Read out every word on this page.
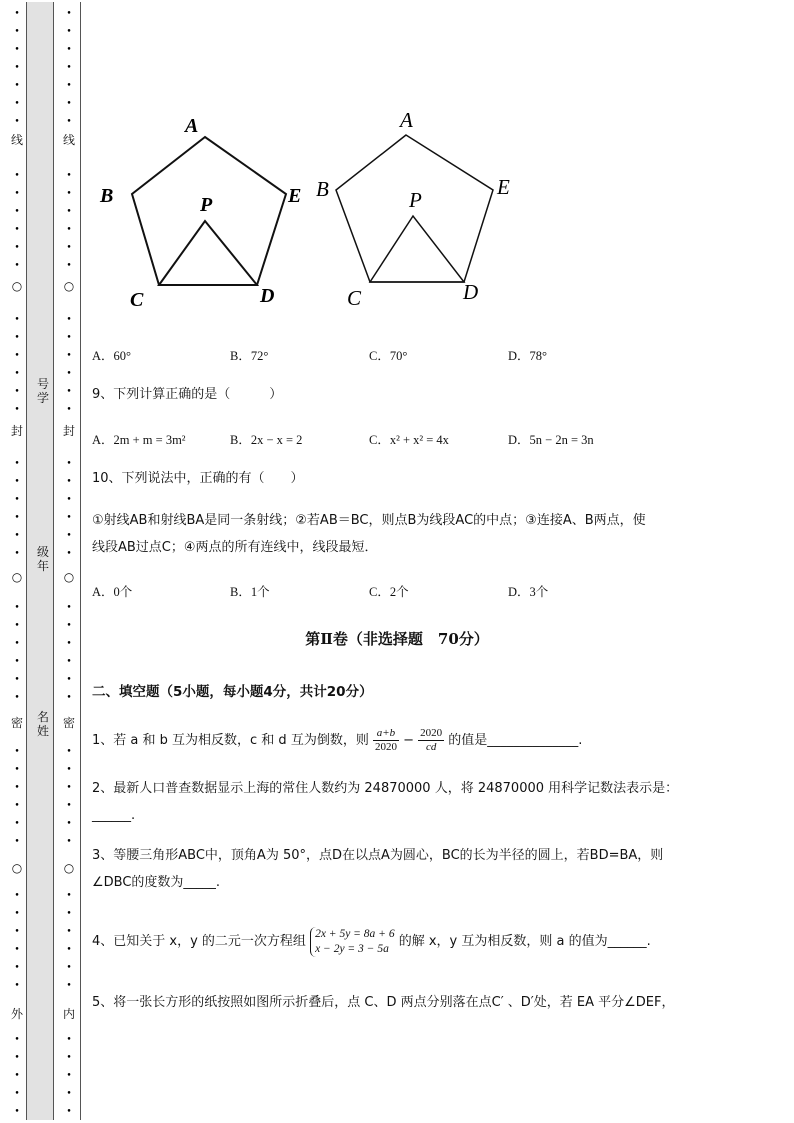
•
•
•
•
•
•
•
•
•
•
•
•
•
•
•
•
•
•
•
•
•
•
•
•
•
•
•
•
•
•
•
•
•
•
•
•
•
•
•
•
•
•
•
•
•
•
•
•
•
•
•
•
•
•
•
•
•
•
•
•
•
•
•
•
•
•
•
•
•
•
•
•
•
•
•
•
•
•
•
•
•
•
•
•
•
•
•
•
•
•
•
•
•
•
•
•
线
封
密
外
○
○
○
线
封
密
内
○
○
○
号学
级年
名姓
A
B	E
P
C	D
A
B	E
P
C	D
A．60°	B．72°	C．70°	D．78°
9、下列计算正确的是（　　　）
A．2m + m = 3m²	B．2x − x = 2	C．x² + x² = 4x	D．5n − 2n = 3n
10、下列说法中，正确的有（　　）
①射线AB和射线BA是同一条射线；②若AB＝BC，则点B为线段AC的中点；③连接A、B两点，使
线段AB过点C；④两点的所有连线中，线段最短．
A．0个	B．1个	C．2个	D．3个
第Ⅱ卷（非选择题　70分）
二、填空题（5小题，每小题4分，共计20分）
1、若 a 和 b 互为相反数，c 和 d 互为倒数，则 $\frac{a+b}{2020} - \frac{2020}{cd}$ 的值是______________.
2、最新人口普查数据显示上海的常住人数约为 24870000 人，将 24870000 用科学记数法表示是：
______.
3、等腰三角形ABC中，顶角A为 50°，点D在以点A为圆心，BC的长为半径的圆上，若BD=BA，则
∠DBC的度数为_____.
4、已知关于 x，y 的二元一次方程组
2x + 5y = 8a + 6
x − 2y = 3 − 5a 的解 x，y 互为相反数，则 a 的值为______.
5、将一张长方形的纸按照如图所示折叠后，点 C、D 两点分别落在点C′ 、D′处，若 EA 平分∠DEF，
